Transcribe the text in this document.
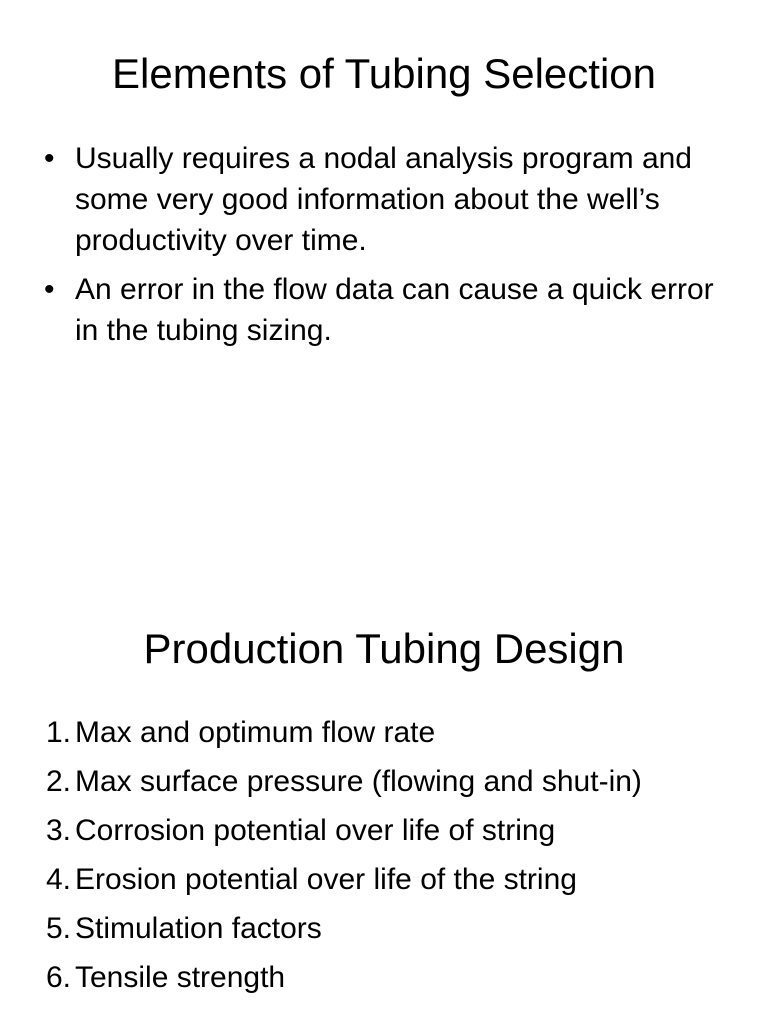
Elements of Tubing Selection
• Usually requires a nodal analysis program and some very good information about the well’s productivity over time.
• An error in the flow data can cause a quick error in the tubing sizing.
Production Tubing Design
1. Max and optimum flow rate
2. Max surface pressure (flowing and shut-in)
3. Corrosion potential over life of string
4. Erosion potential over life of the string
5. Stimulation factors
6. Tensile strength
